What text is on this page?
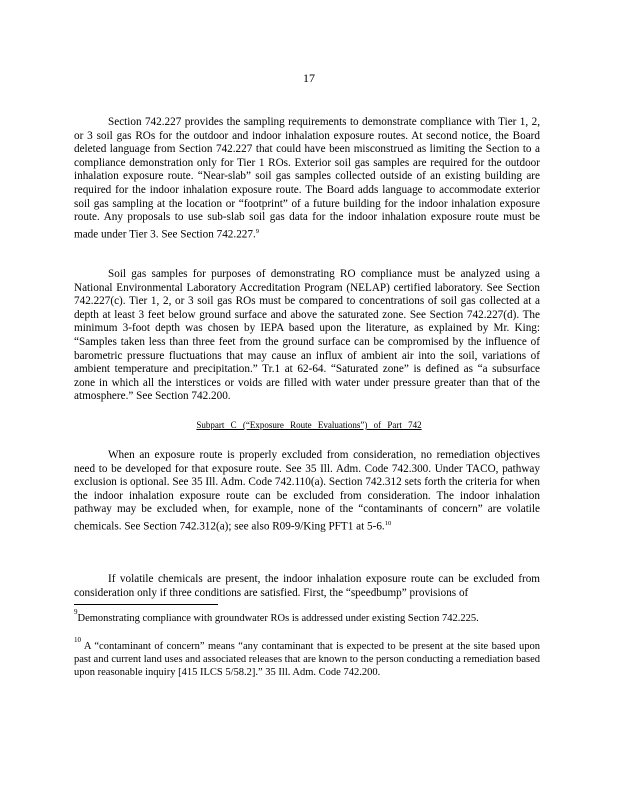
17

Section 742.227 provides the sampling requirements to demonstrate compliance with Tier 1, 2, or 3 soil gas ROs for the outdoor and indoor inhalation exposure routes. At second notice, the Board deleted language from Section 742.227 that could have been misconstrued as limiting the Section to a compliance demonstration only for Tier 1 ROs. Exterior soil gas samples are required for the outdoor inhalation exposure route. “Near-slab” soil gas samples collected outside of an existing building are required for the indoor inhalation exposure route. The Board adds language to accommodate exterior soil gas sampling at the location or “footprint” of a future building for the indoor inhalation exposure route. Any proposals to use sub-slab soil gas data for the indoor inhalation exposure route must be made under Tier 3. See Section 742.227.$^9$

Soil gas samples for purposes of demonstrating RO compliance must be analyzed using a National Environmental Laboratory Accreditation Program (NELAP) certified laboratory. See Section 742.227(c). Tier 1, 2, or 3 soil gas ROs must be compared to concentrations of soil gas collected at a depth at least 3 feet below ground surface and above the saturated zone. See Section 742.227(d). The minimum 3-foot depth was chosen by IEPA based upon the literature, as explained by Mr. King: “Samples taken less than three feet from the ground surface can be compromised by the influence of barometric pressure fluctuations that may cause an influx of ambient air into the soil, variations of ambient temperature and precipitation.” Tr.1 at 62-64. “Saturated zone” is defined as “a subsurface zone in which all the interstices or voids are filled with water under pressure greater than that of the atmosphere.” See Section 742.200.

Subpart C (“Exposure Route Evaluations”) of Part 742

When an exposure route is properly excluded from consideration, no remediation objectives need to be developed for that exposure route. See 35 Ill. Adm. Code 742.300. Under TACO, pathway exclusion is optional. See 35 Ill. Adm. Code 742.110(a). Section 742.312 sets forth the criteria for when the indoor inhalation exposure route can be excluded from consideration. The indoor inhalation pathway may be excluded when, for example, none of the “contaminants of concern” are volatile chemicals. See Section 742.312(a); see also R09-9/King PFT1 at 5-6.10

If volatile chemicals are present, the indoor inhalation exposure route can be excluded from consideration only if three conditions are satisfied. First, the “speedbump” provisions of

$^9$Demonstrating compliance with groundwater ROs is addressed under existing Section 742.225.
$^{10}$ A “contaminant of concern” means “any contaminant that is expected to be present at the site based upon past and current land uses and associated releases that are known to the person conducting a remediation based upon reasonable inquiry [415 ILCS 5/58.2].” 35 Ill. Adm. Code 742.200.
